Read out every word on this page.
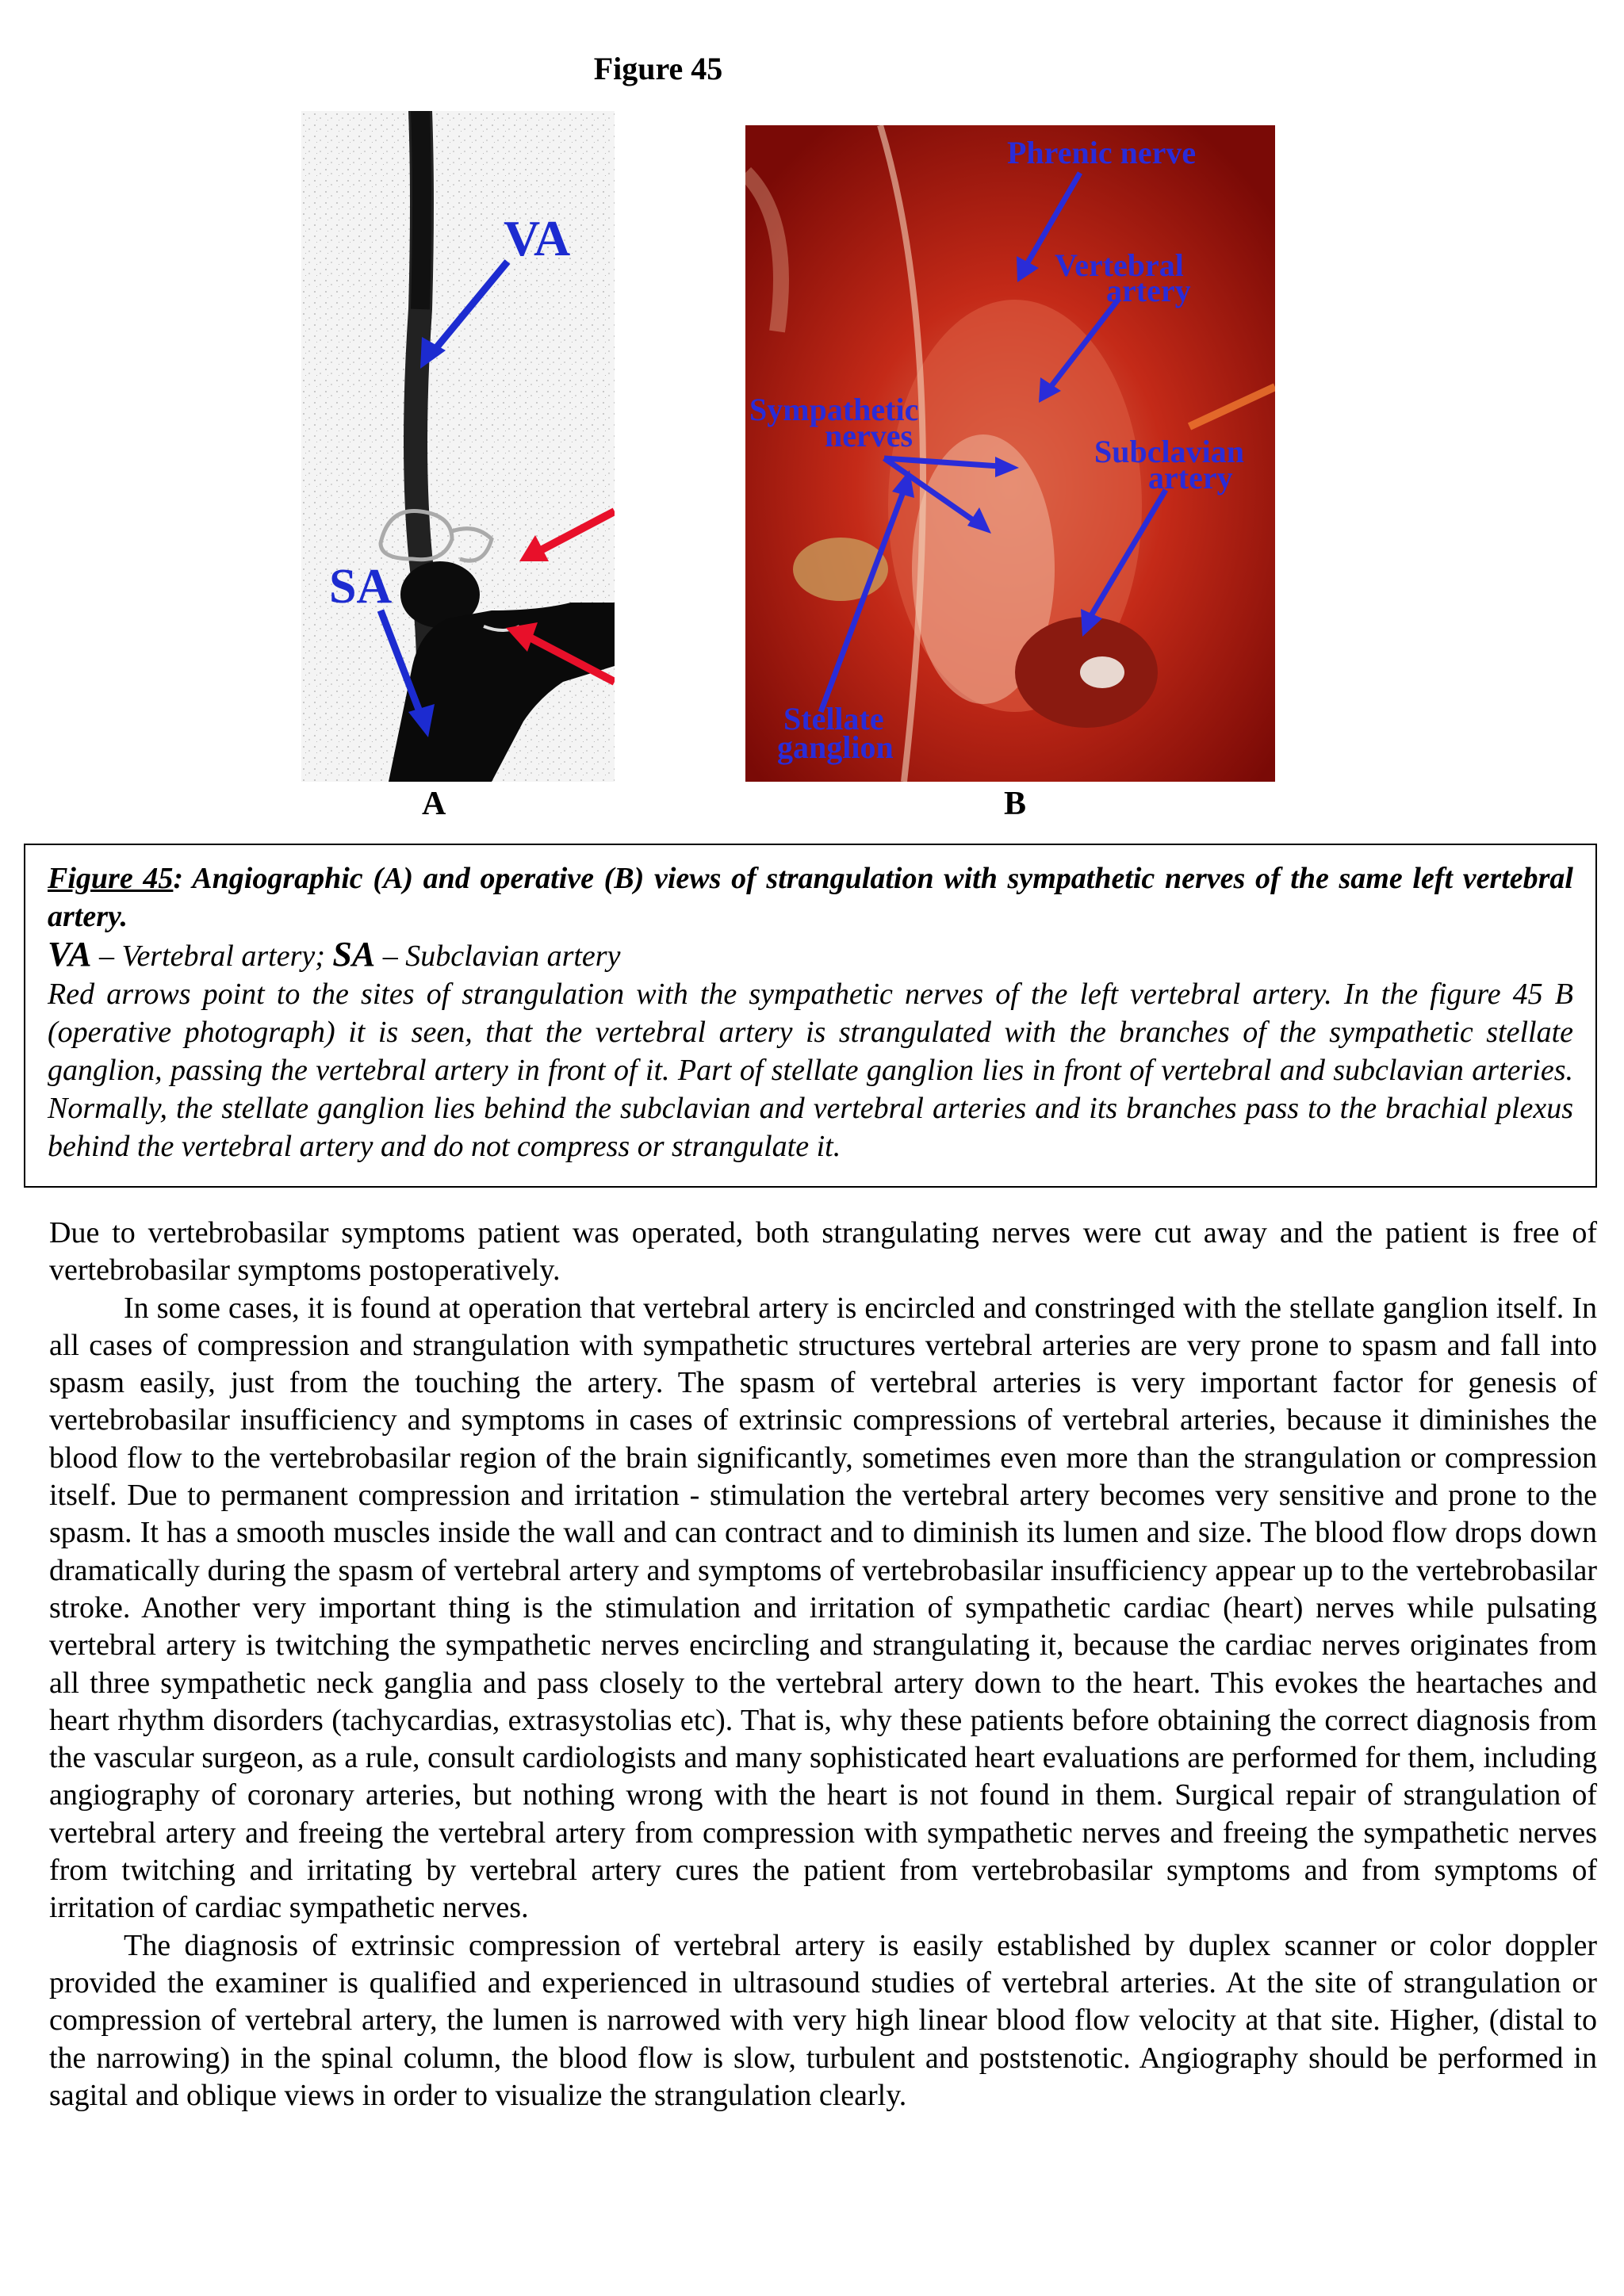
Figure 45
VA
SA
A
Phrenic nerve
Vertebral
artery
Sympathetic
nerves	Subclavian
artery
Stellate
ganglion
B

Figure 45: Angiographic (A) and operative (B) views of strangulation with sympathetic nerves of the same left vertebral artery.

VA – Vertebral artery; SA – Subclavian artery

Red arrows point to the sites of strangulation with the sympathetic nerves of the left vertebral artery. In the figure 45 B (operative photograph) it is seen, that the vertebral artery is strangulated with the branches of the sympathetic stellate ganglion, passing the vertebral artery in front of it. Part of stellate ganglion lies in front of vertebral and subclavian arteries. Normally, the stellate ganglion lies behind the subclavian and vertebral arteries and its branches pass to the brachial plexus behind the vertebral artery and do not compress or strangulate it.

Due to vertebrobasilar symptoms patient was operated, both strangulating nerves were cut away and the patient is free of vertebrobasilar symptoms postoperatively.

In some cases, it is found at operation that vertebral artery is encircled and constringed with the stellate ganglion itself. In all cases of compression and strangulation with sympathetic structures vertebral arteries are very prone to spasm and fall into spasm easily, just from the touching the artery. The spasm of vertebral arteries is very important factor for genesis of vertebrobasilar insufficiency and symptoms in cases of extrinsic compressions of vertebral arteries, because it diminishes the blood flow to the vertebrobasilar region of the brain significantly, sometimes even more than the strangulation or compression itself. Due to permanent compression and irritation - stimulation the vertebral artery becomes very sensitive and prone to the spasm. It has a smooth muscles inside the wall and can contract and to diminish its lumen and size. The blood flow drops down dramatically during the spasm of vertebral artery and symptoms of vertebrobasilar insufficiency appear up to the vertebrobasilar stroke. Another very important thing is the stimulation and irritation of sympathetic cardiac (heart) nerves while pulsating vertebral artery is twitching the sympathetic nerves encircling and strangulating it, because the cardiac nerves originates from all three sympathetic neck ganglia and pass closely to the vertebral artery down to the heart. This evokes the heartaches and heart rhythm disorders (tachycardias, extrasystolias etc). That is, why these patients before obtaining the correct diagnosis from the vascular surgeon, as a rule, consult cardiologists and many sophisticated heart evaluations are performed for them, including angiography of coronary arteries, but nothing wrong with the heart is not found in them. Surgical repair of strangulation of vertebral artery and freeing the vertebral artery from compression with sympathetic nerves and freeing the sympathetic nerves from twitching and irritating by vertebral artery cures the patient from vertebrobasilar symptoms and from symptoms of irritation of cardiac sympathetic nerves.

The diagnosis of extrinsic compression of vertebral artery is easily established by duplex scanner or color doppler provided the examiner is qualified and experienced in ultrasound studies of vertebral arteries. At the site of strangulation or compression of vertebral artery, the lumen is narrowed with very high linear blood flow velocity at that site. Higher, (distal to the narrowing) in the spinal column, the blood flow is slow, turbulent and poststenotic. Angiography should be performed in sagital and oblique views in order to visualize the strangulation clearly.
